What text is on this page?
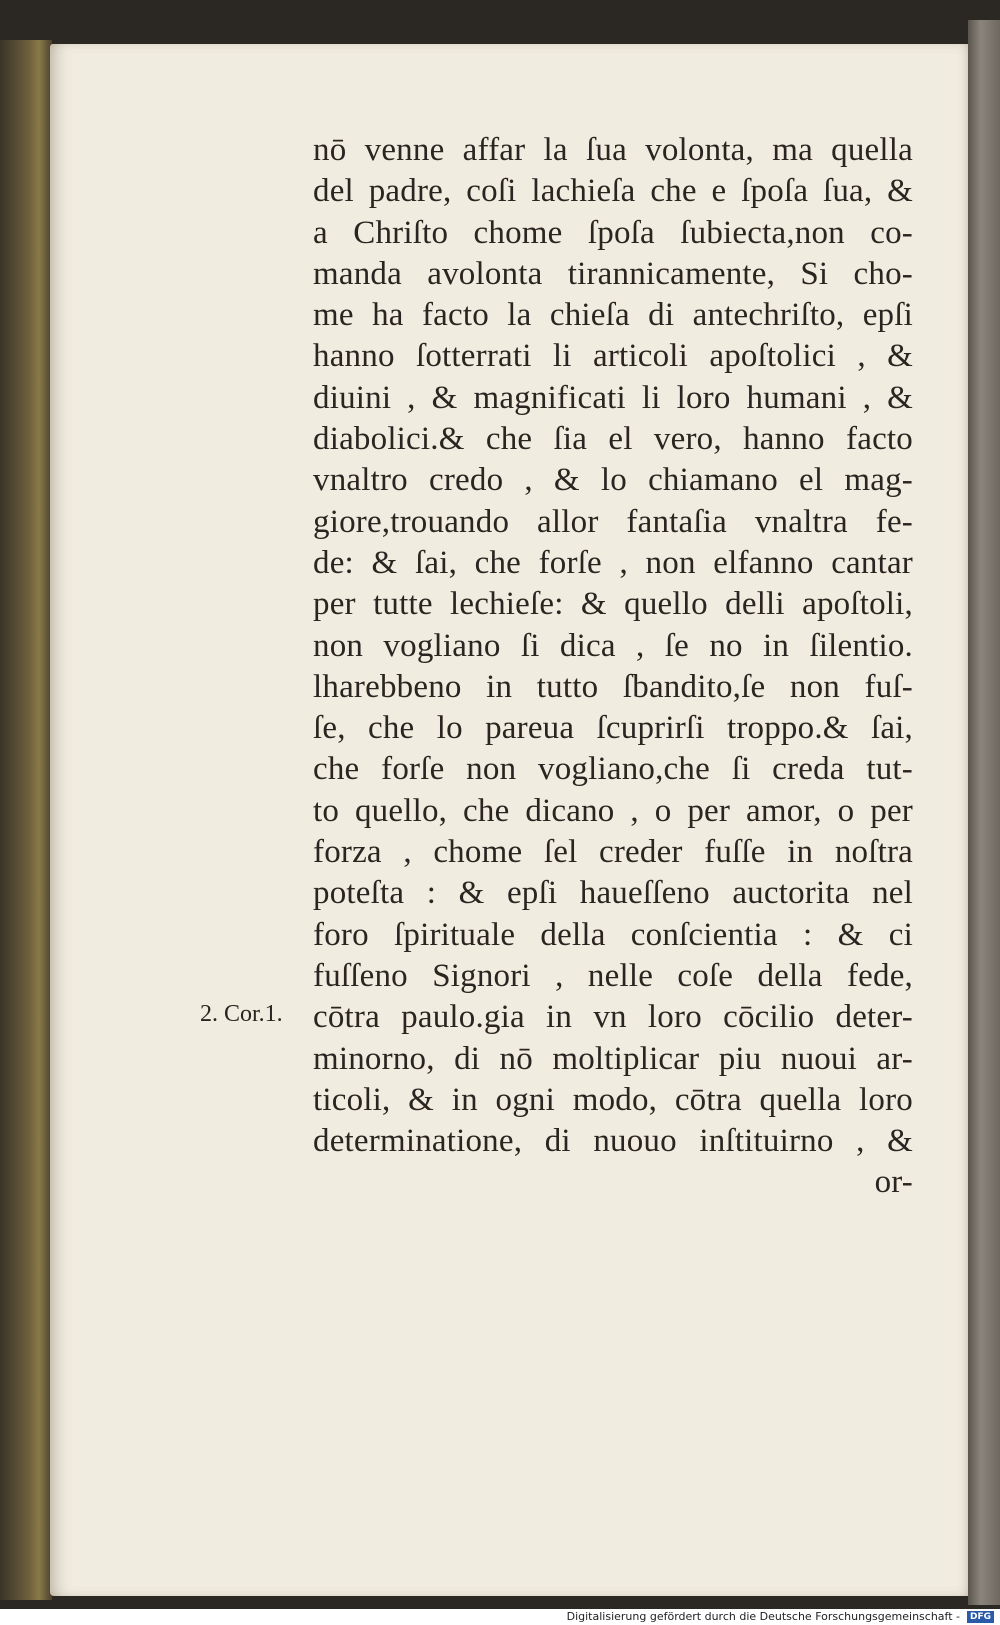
2. Cor.1.
nō venne affar la ſua volonta, ma quella
del padre, coſi lachieſa che e ſpoſa ſua, &
a Chriſto chome ſpoſa ſubiecta,non co-
manda avolonta tirannicamente, Si cho-
me ha facto la chieſa di antechriſto, epſi
hanno ſotterrati li articoli apoſtolici , &
diuini , & magnificati li loro humani , &
diabolici.& che ſia el vero, hanno facto
vnaltro credo , & lo chiamano el mag-
giore,trouando allor fantaſia vnaltra fe-
de: & ſai, che forſe , non elfanno cantar
per tutte lechieſe: & quello delli apoſtoli,
non vogliano ſi dica , ſe no in ſilentio.
lharebbeno in tutto ſbandito,ſe non fuſ-
ſe, che lo pareua ſcuprirſi troppo.& ſai,
che forſe non vogliano,che ſi creda tut-
to quello, che dicano , o per amor, o per
forza , chome ſel creder fuſſe in noſtra
poteſta : & epſi haueſſeno auctorita nel
foro ſpirituale della conſcientia : & ci
fuſſeno Signori , nelle coſe della fede,
cōtra paulo.gia in vn loro cōcilio deter-
minorno, di nō moltiplicar piu nuoui ar-
ticoli, & in ogni modo, cōtra quella loro
determinatione, di nuouo inſtituirno , &
or-
Digitalisierung gefördert durch die Deutsche Forschungsgemeinschaft -	DFG
